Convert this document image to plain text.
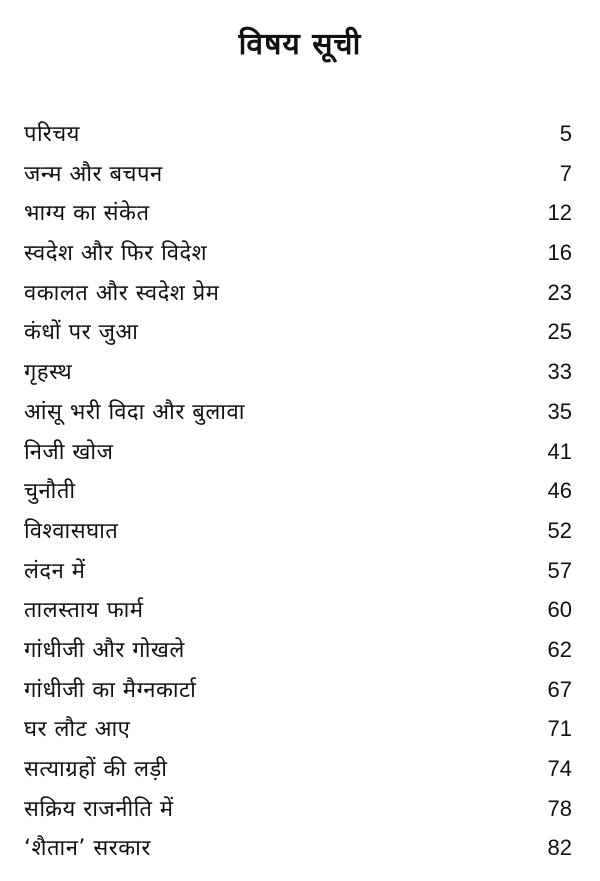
विषय सूची
परिचय	5
जन्म और बचपन	7
भाग्य का संकेत	12
स्वदेश और फिर विदेश	16
वकालत और स्वदेश प्रेम	23
कंधों पर जुआ	25
गृहस्थ	33
आंसू भरी विदा और बुलावा	35
निजी खोज	41
चुनौती	46
विश्वासघात	52
लंदन में	57
तालस्ताय फार्म	60
गांधीजी और गोखले	62
गांधीजी का मैग्नकार्टा	67
घर लौट आए	71
सत्याग्रहों की लड़ी	74
सक्रिय राजनीति में	78
‘शैतान’ सरकार	82
